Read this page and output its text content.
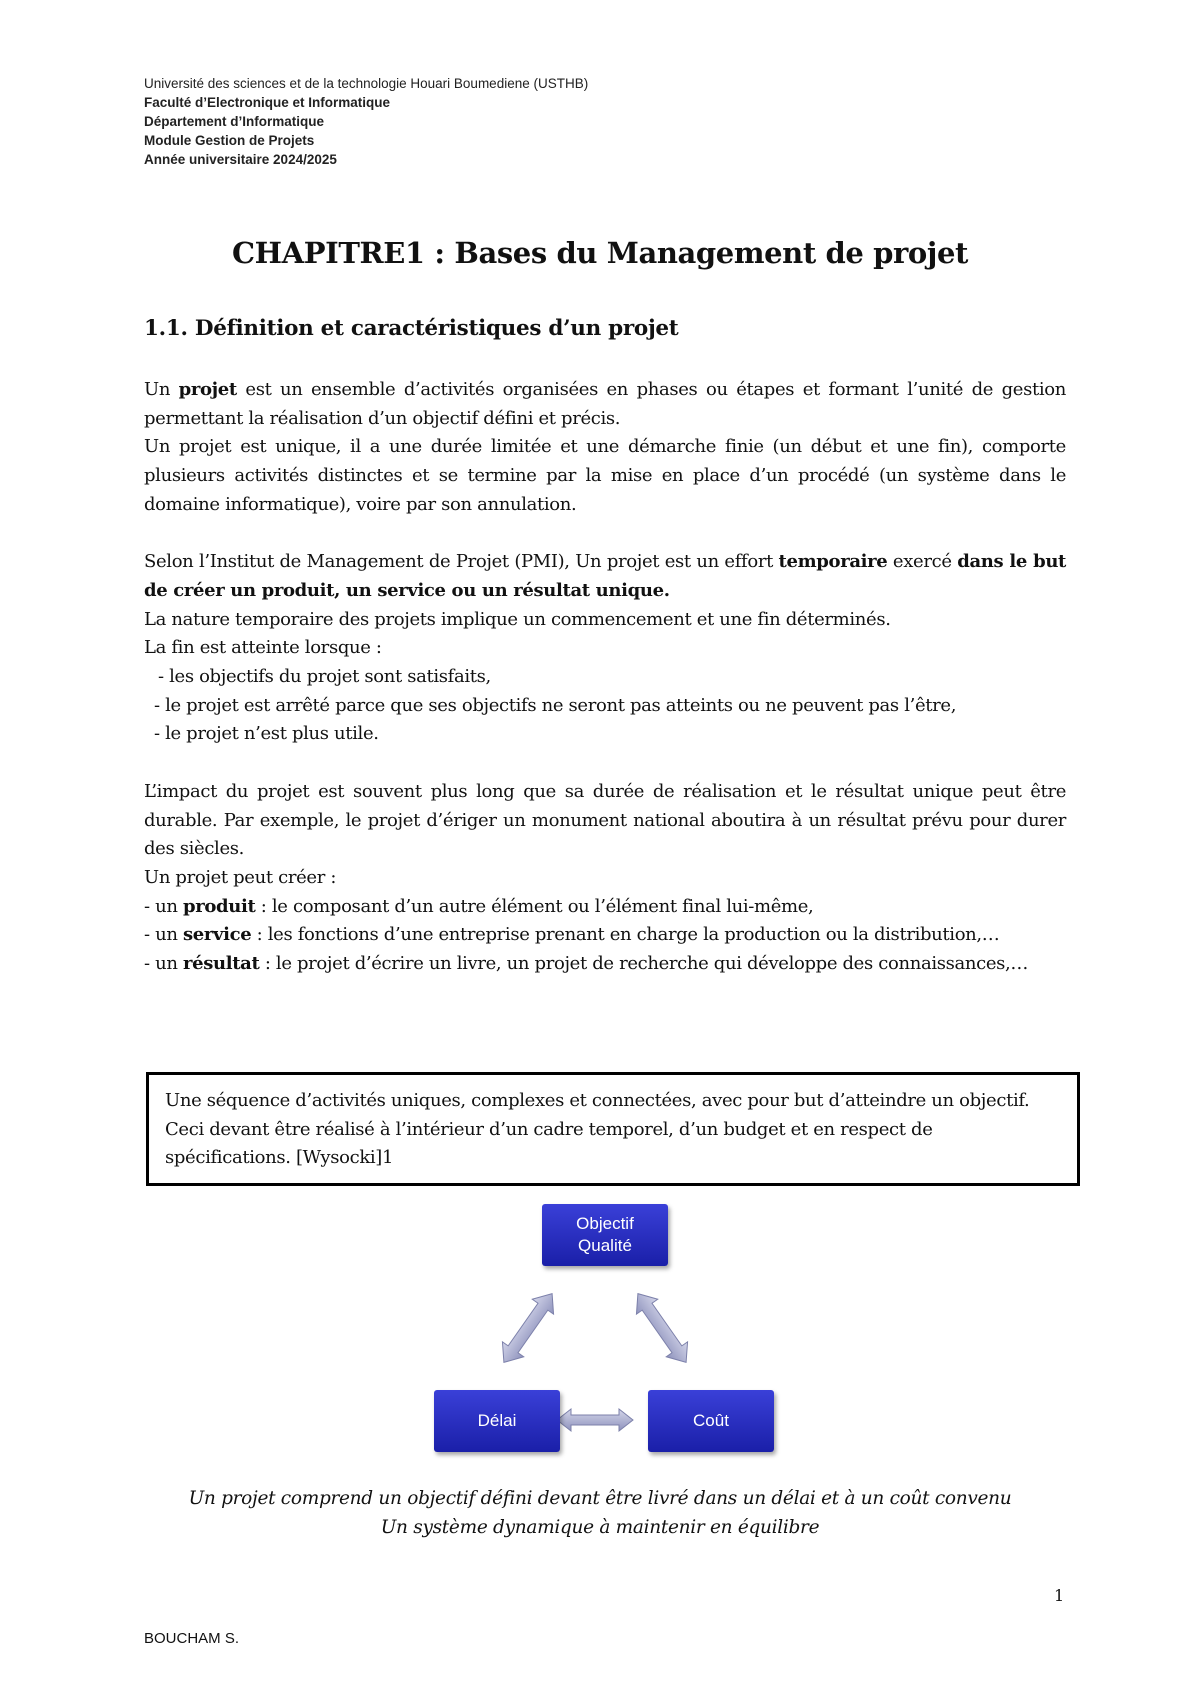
Université des sciences et de la technologie Houari Boumediene (USTHB)
Faculté d’Electronique et Informatique
Département d’Informatique
Module Gestion de Projets
Année universitaire 2024/2025
CHAPITRE1 : Bases du Management de projet
1.1. Définition et caractéristiques d’un projet

Un projet est un ensemble d’activités organisées en phases ou étapes et formant l’unité de gestion permettant la réalisation d’un objectif défini et précis.

Un projet est unique, il a une durée limitée et une démarche finie (un début et une fin), comporte plusieurs activités distinctes et se termine par la mise en place d’un procédé (un système dans le domaine informatique), voire par son annulation.

Selon l’Institut de Management de Projet (PMI), Un projet est un effort temporaire exercé dans le but de créer un produit, un service ou un résultat unique.

La nature temporaire des projets implique un commencement et une fin déterminés.

La fin est atteinte lorsque :

- les objectifs du projet sont satisfaits,

- le projet est arrêté parce que ses objectifs ne seront pas atteints ou ne peuvent pas l’être,

- le projet n’est plus utile.

L’impact du projet est souvent plus long que sa durée de réalisation et le résultat unique peut être durable. Par exemple, le projet d’ériger un monument national aboutira à un résultat prévu pour durer des siècles.

Un projet peut créer :

- un produit : le composant d’un autre élément ou l’élément final lui-même,

- un service : les fonctions d’une entreprise prenant en charge la production ou la distribution,…

- un résultat : le projet d’écrire un livre, un projet de recherche qui développe des connaissances,…

Une séquence d’activités uniques, complexes et connectées, avec pour but d’atteindre un objectif. Ceci devant être réalisé à l’intérieur d’un cadre temporel, d’un budget et en respect de spécifications. [Wysocki]1
Objectif
Qualité
Délai	Coût
Un projet comprend un objectif défini devant être livré dans un délai et à un coût convenu
Un système dynamique à maintenir en équilibre
1
BOUCHAM S.
